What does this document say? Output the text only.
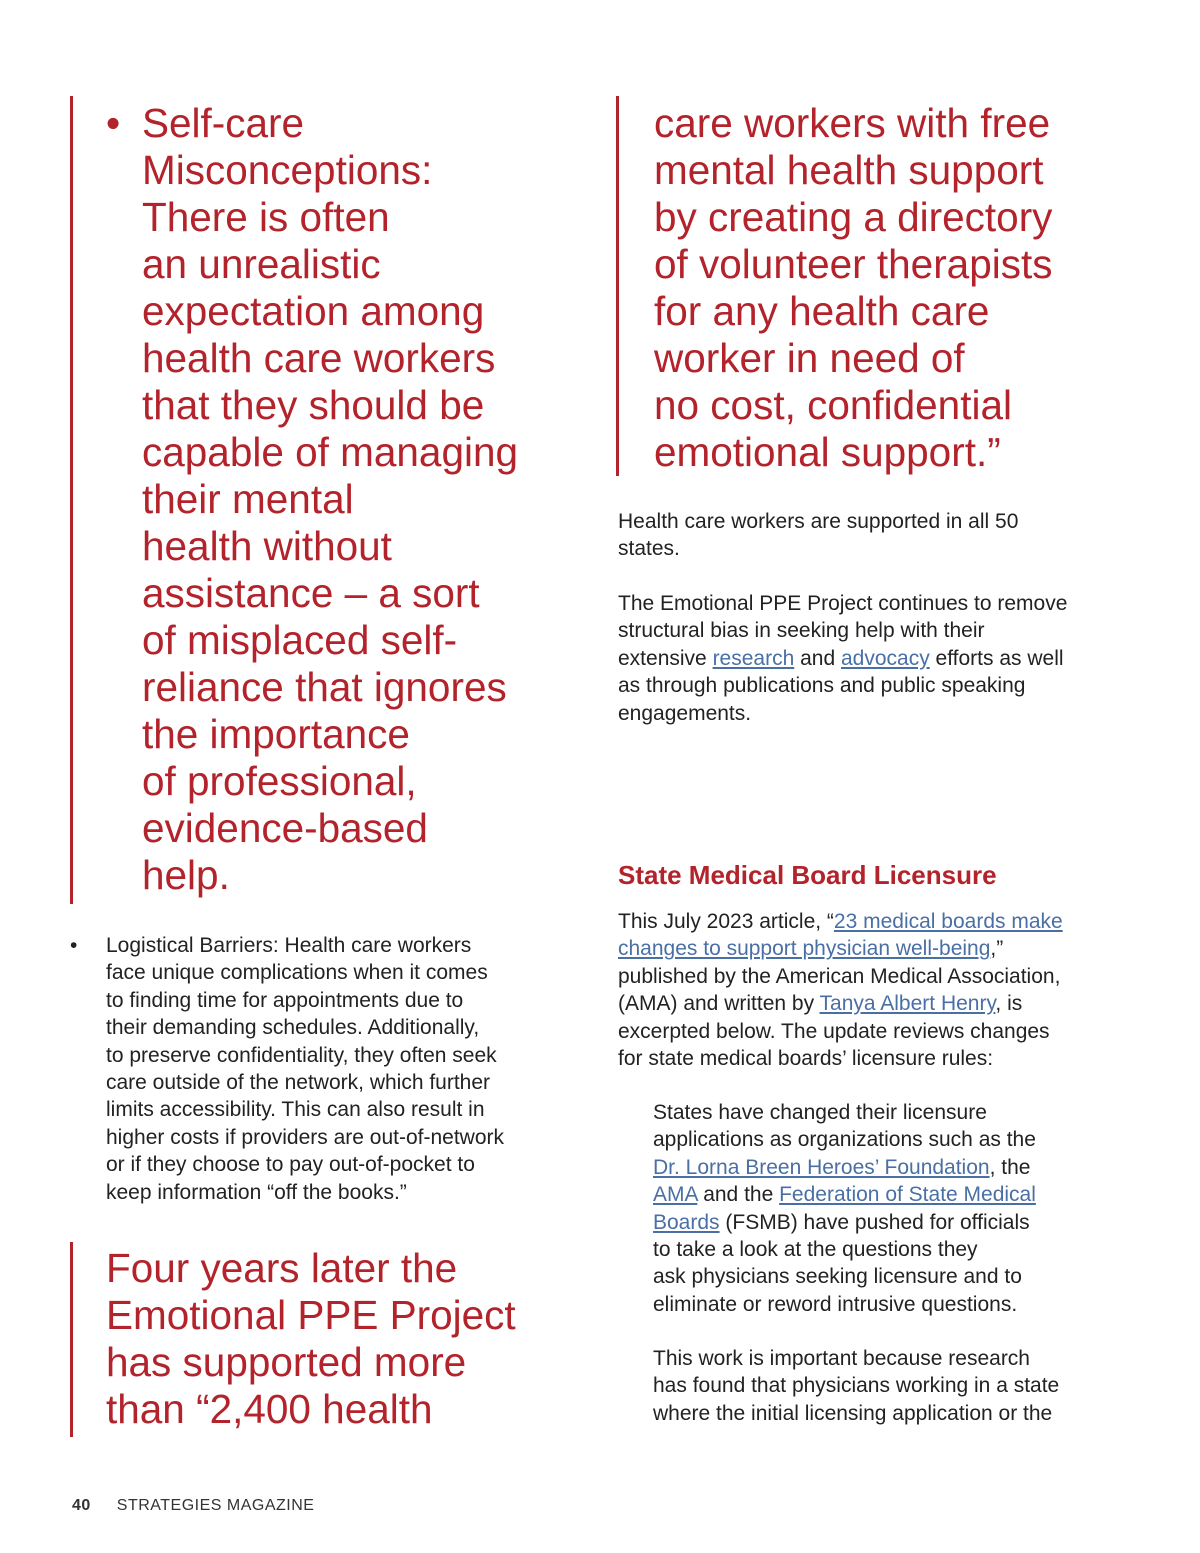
• Self-care
Misconceptions:
There is often
an unrealistic
expectation among
health care workers
that they should be
capable of managing
their mental
health without
assistance – a sort
of misplaced self-
reliance that ignores
the importance
of professional,
evidence-based
help.
•	Logistical Barriers: Health care workers
face unique complications when it comes
to finding time for appointments due to
their demanding schedules. Additionally,
to preserve confidentiality, they often seek
care outside of the network, which further
limits accessibility. This can also result in
higher costs if providers are out-of-network
or if they choose to pay out-of-pocket to
keep information “off the books.”
Four years later the
Emotional PPE Project
has supported more
than “2,400 health
care workers with free
mental health support
by creating a directory
of volunteer therapists
for any health care
worker in need of
no cost, confidential
emotional support.”

Health care workers are supported in all 50
states.

The Emotional PPE Project continues to remove
structural bias in seeking help with their
extensive research and advocacy efforts as well
as through publications and public speaking
engagements.

State Medical Board Licensure

This July 2023 article, “23 medical boards make
changes to support physician well-being,”
published by the American Medical Association,
(AMA) and written by Tanya Albert Henry, is
excerpted below. The update reviews changes
for state medical boards’ licensure rules:

States have changed their licensure
applications as organizations such as the
Dr. Lorna Breen Heroes’ Foundation, the
AMA and the Federation of State Medical
Boards (FSMB) have pushed for officials
to take a look at the questions they
ask physicians seeking licensure and to
eliminate or reword intrusive questions.

This work is important because research
has found that physicians working in a state
where the initial licensing application or the

40 STRATEGIES MAGAZINE
